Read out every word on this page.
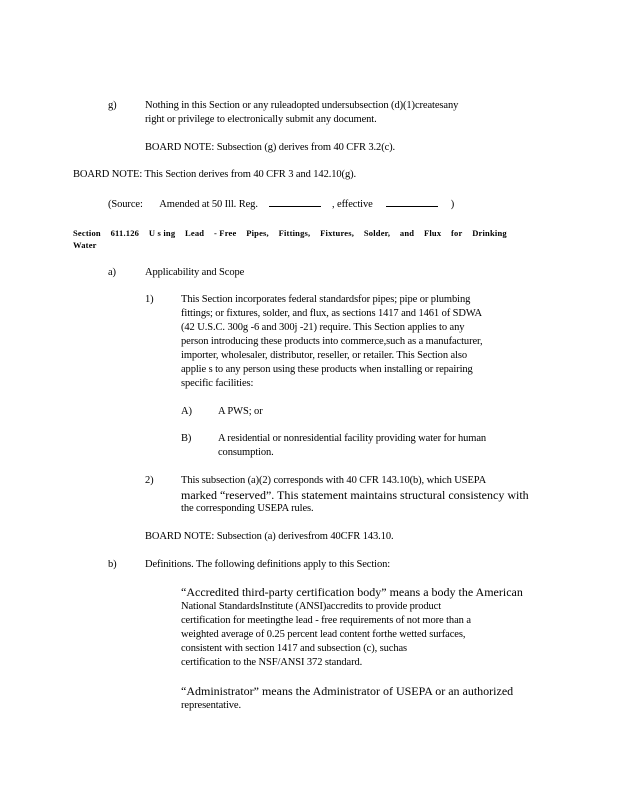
g)	Nothing in this Section or any ruleadopted undersubsection (d)(1)createsany
right or privilege to electronically submit any document.
BOARD NOTE: Subsection (g) derives from 40 CFR 3.2(c).
BOARD NOTE: This Section derives from 40 CFR 3 and 142.10(g).
(Source: Amended at 50 Ill. Reg.	, effective	)
Section 611.126 U s ing Lead - Free Pipes, Fittings, Fixtures, Solder, and Flux for Drinking
Water
a)	Applicability and Scope
1)	This Section incorporates federal standardsfor pipes; pipe or plumbing
fittings; or fixtures, solder, and flux, as sections 1417 and 1461 of SDWA
(42 U.S.C. 300g -6 and 300j -21) require. This Section applies to any
person introducing these products into commerce,such as a manufacturer,
importer, wholesaler, distributor, reseller, or retailer. This Section also
applie s to any person using these products when installing or repairing
specific facilities:
A) A PWS; or
B)	A residential or nonresidential facility providing water for human
consumption.
2)	This subsection (a)(2) corresponds with 40 CFR 143.10(b), which USEPA
marked “reserved”. This statement maintains structural consistency with
the corresponding USEPA rules.
BOARD NOTE: Subsection (a) derivesfrom 40CFR 143.10.
b)	Definitions. The following definitions apply to this Section:
“Accredited third-party certification body” means a body the American
National StandardsInstitute (ANSI)accredits to provide product
certification for meetingthe lead - free requirements of not more than a
weighted average of 0.25 percent lead content forthe wetted surfaces,
consistent with section 1417 and subsection (c), suchas
certification to the NSF/ANSI 372 standard.
“Administrator” means the Administrator of USEPA or an authorized
representative.
